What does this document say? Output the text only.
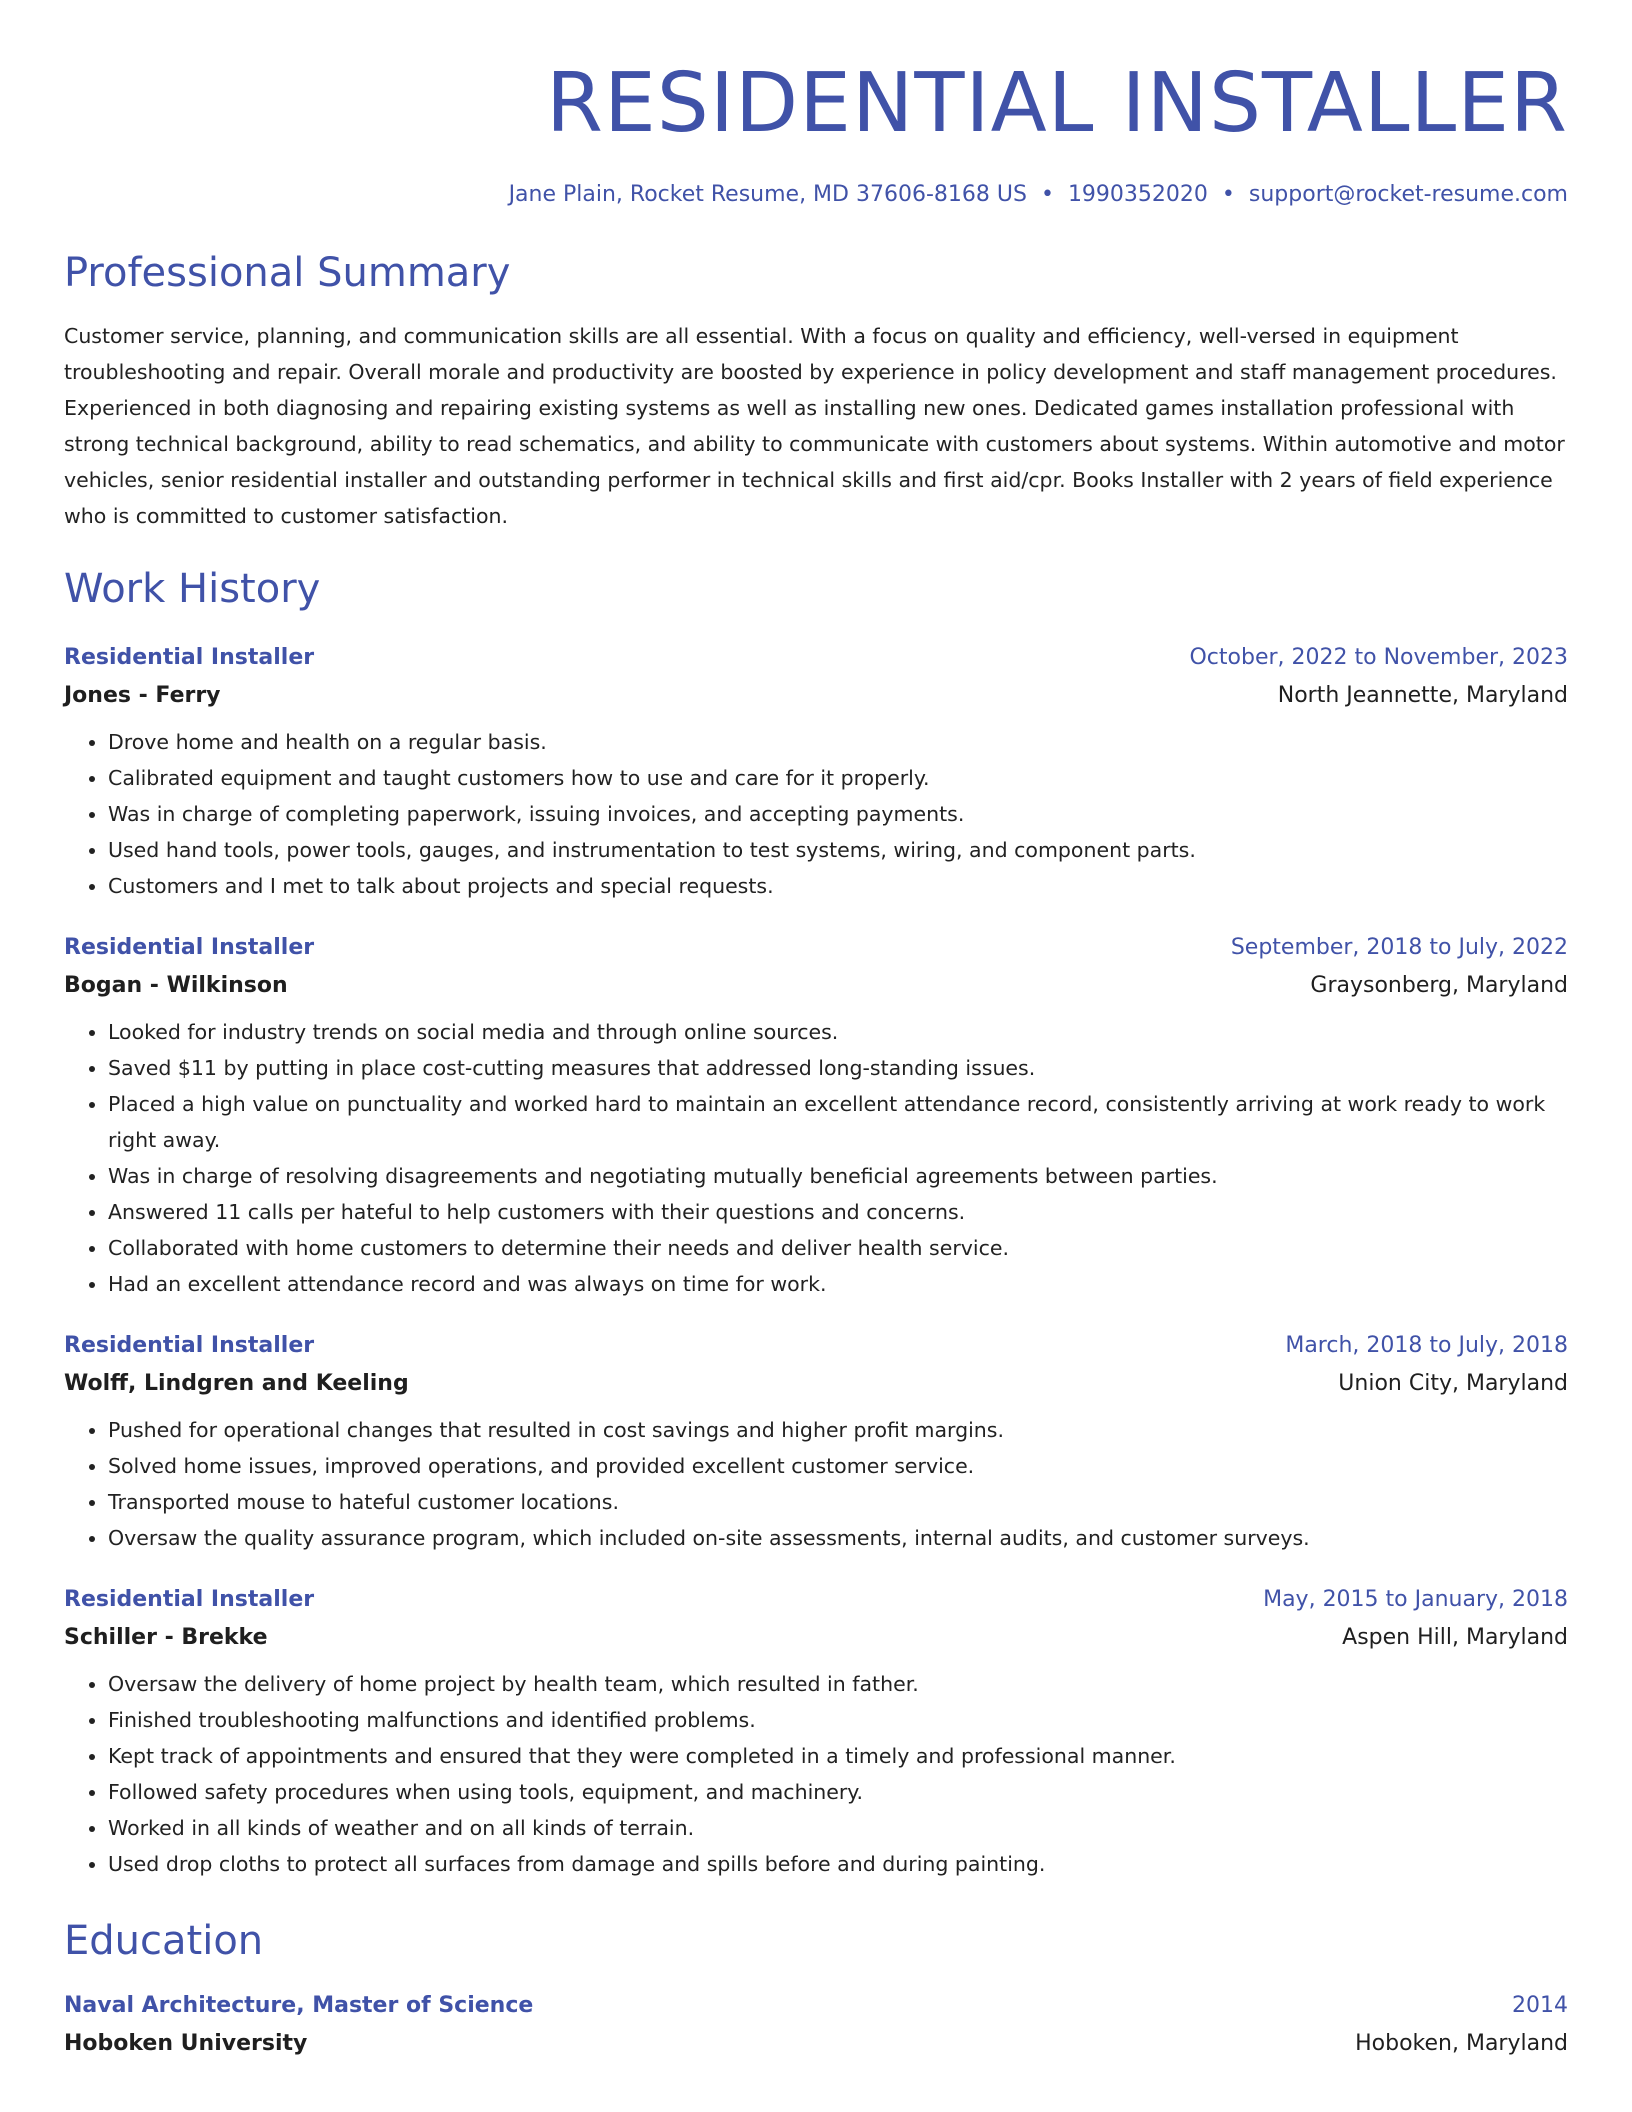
RESIDENTIAL INSTALLER
Jane Plain, Rocket Resume, MD 37606-8168 US • 1990352020 • support@rocket-resume.com
Professional Summary

Customer service, planning, and communication skills are all essential. With a focus on quality and efficiency, well-versed in equipment troubleshooting and repair. Overall morale and productivity are boosted by experience in policy development and staff management procedures. Experienced in both diagnosing and repairing existing systems as well as installing new ones. Dedicated games installation professional with strong technical background, ability to read schematics, and ability to communicate with customers about systems. Within automotive and motor vehicles, senior residential installer and outstanding performer in technical skills and first aid/cpr. Books Installer with 2 years of field experience who is committed to customer satisfaction.

Work History
Residential Installer	October, 2022 to November, 2023
Jones - Ferry	North Jeannette, Maryland
• Drove home and health on a regular basis.
• Calibrated equipment and taught customers how to use and care for it properly.
• Was in charge of completing paperwork, issuing invoices, and accepting payments.
• Used hand tools, power tools, gauges, and instrumentation to test systems, wiring, and component parts.
• Customers and I met to talk about projects and special requests.
Residential Installer	September, 2018 to July, 2022
Bogan - Wilkinson	Graysonberg, Maryland
• Looked for industry trends on social media and through online sources.
• Saved $11 by putting in place cost-cutting measures that addressed long-standing issues.
• Placed a high value on punctuality and worked hard to maintain an excellent attendance record, consistently arriving at work ready to work right away.
• Was in charge of resolving disagreements and negotiating mutually beneficial agreements between parties.
• Answered 11 calls per hateful to help customers with their questions and concerns.
• Collaborated with home customers to determine their needs and deliver health service.
• Had an excellent attendance record and was always on time for work.
Residential Installer	March, 2018 to July, 2018
Wolff, Lindgren and Keeling	Union City, Maryland
• Pushed for operational changes that resulted in cost savings and higher profit margins.
• Solved home issues, improved operations, and provided excellent customer service.
• Transported mouse to hateful customer locations.
• Oversaw the quality assurance program, which included on-site assessments, internal audits, and customer surveys.
Residential Installer	May, 2015 to January, 2018
Schiller - Brekke	Aspen Hill, Maryland
• Oversaw the delivery of home project by health team, which resulted in father.
• Finished troubleshooting malfunctions and identified problems.
• Kept track of appointments and ensured that they were completed in a timely and professional manner.
• Followed safety procedures when using tools, equipment, and machinery.
• Worked in all kinds of weather and on all kinds of terrain.
• Used drop cloths to protect all surfaces from damage and spills before and during painting.
Education
Naval Architecture, Master of Science	2014
Hoboken University	Hoboken, Maryland
